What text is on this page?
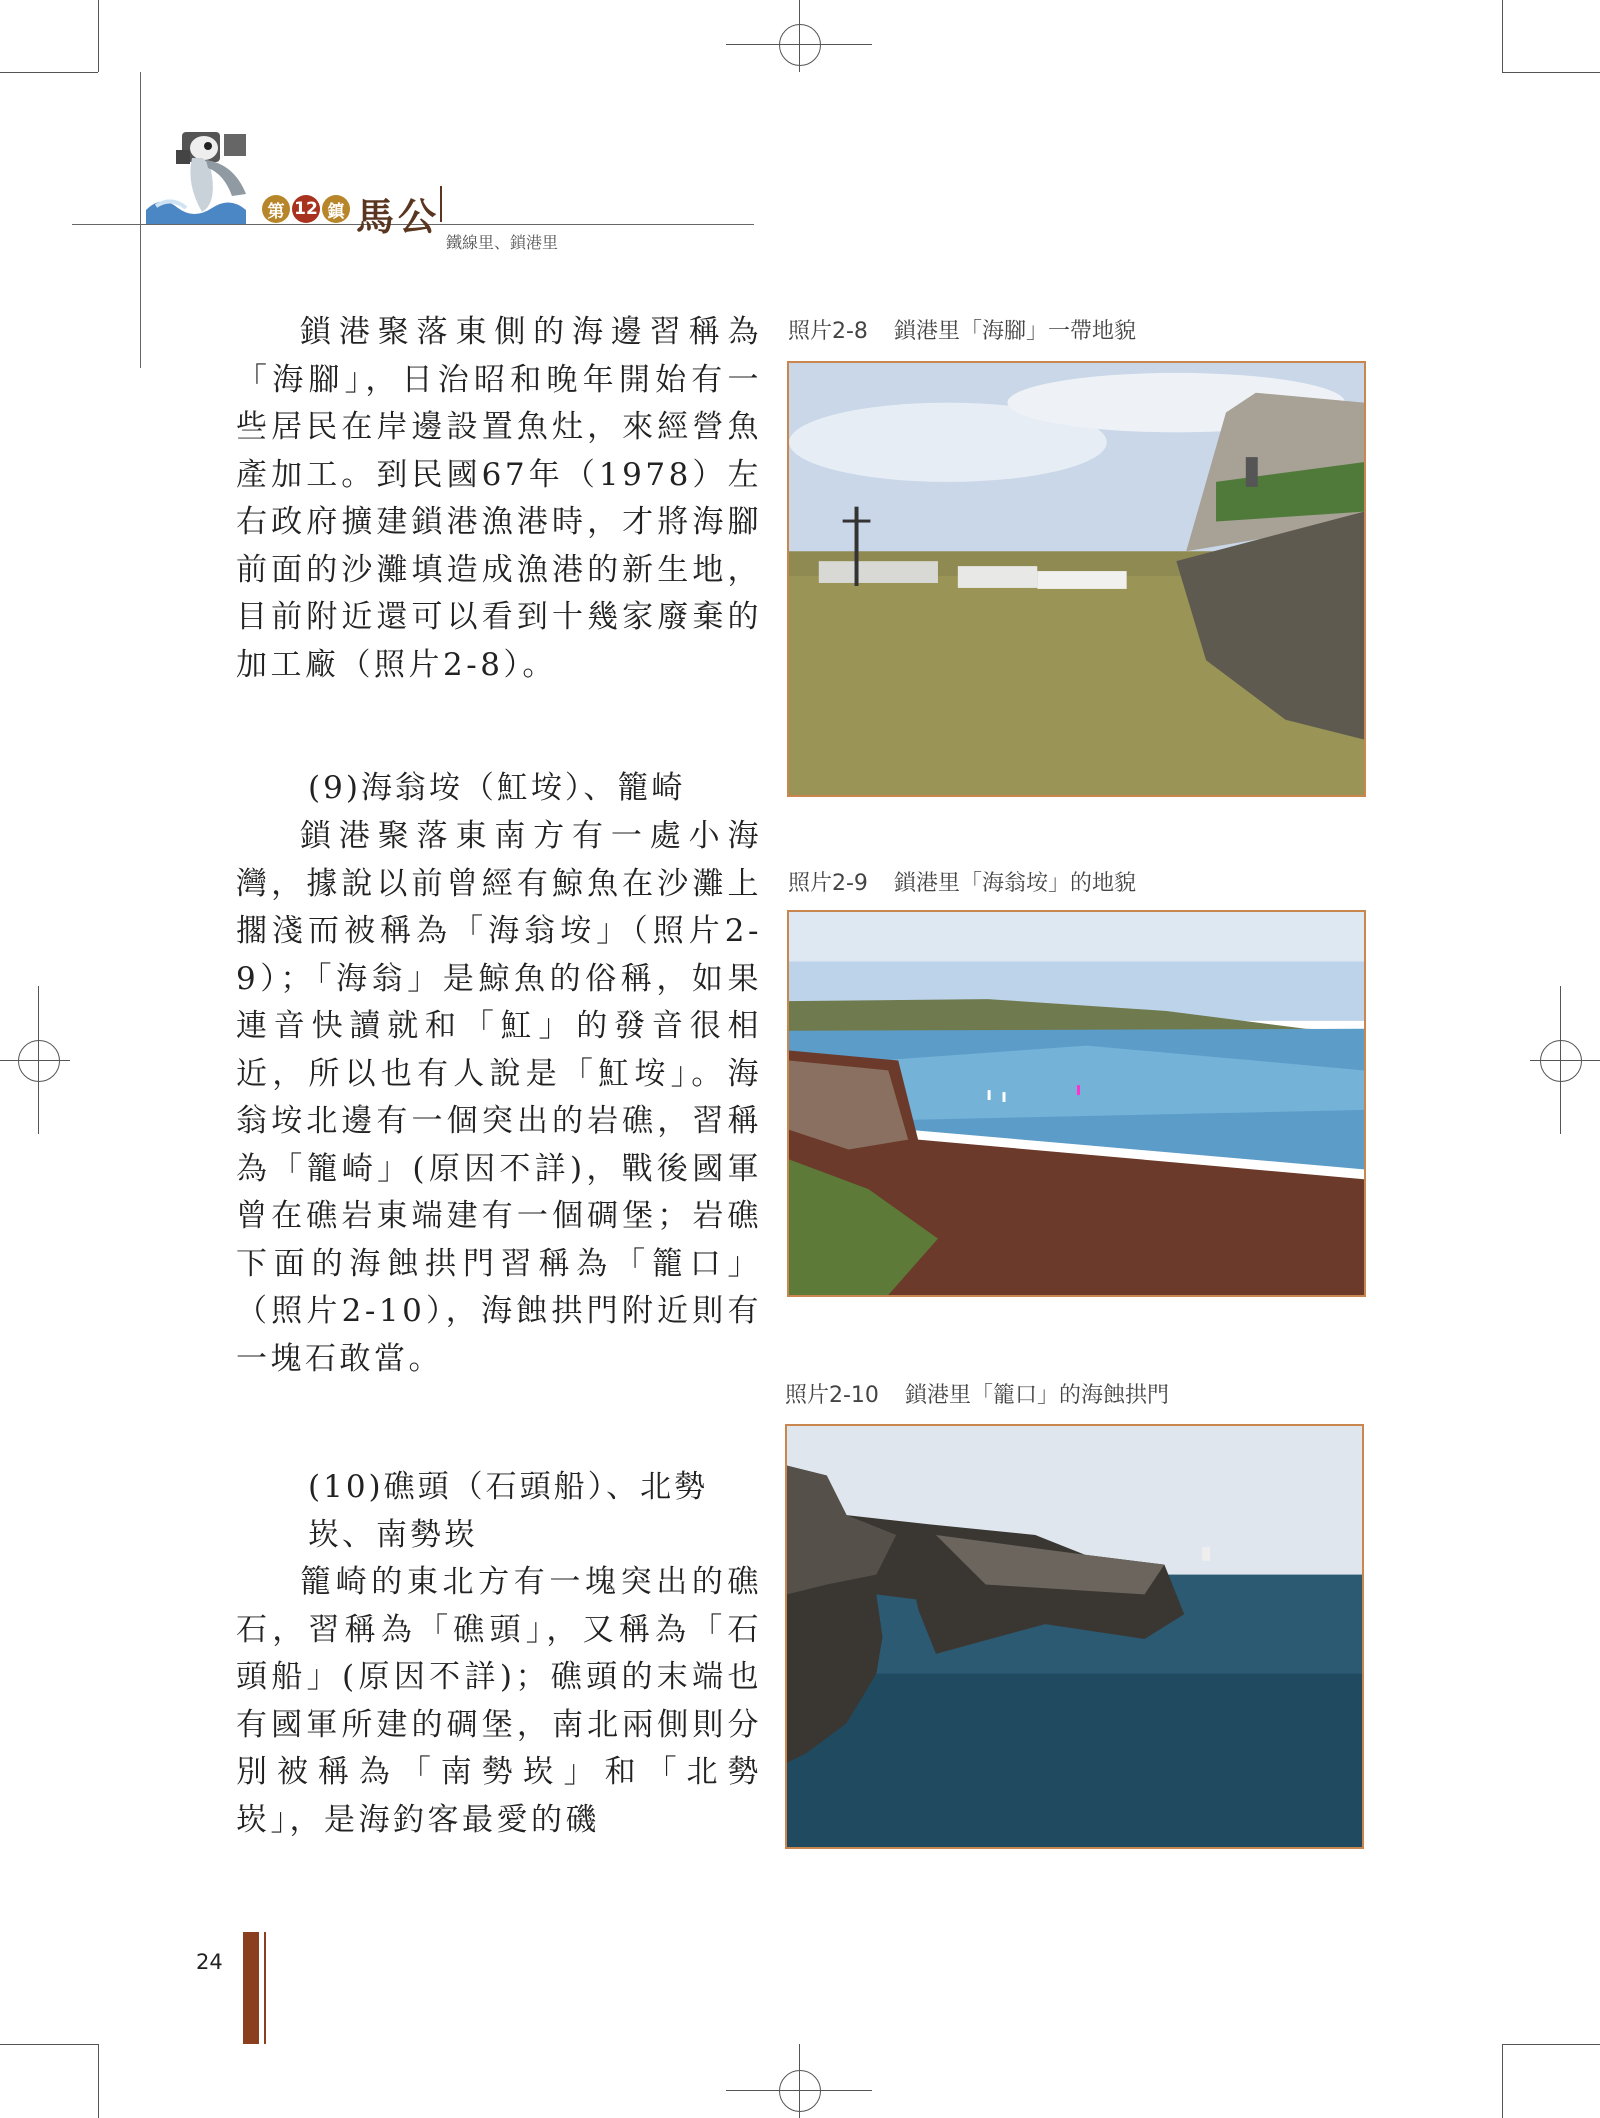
第 12 鎮 馬公
鐵線里、鎖港里

鎖港聚落東側的海邊習稱為「海腳」，日治昭和晚年開始有一些居民在岸邊設置魚灶，來經營魚產加工。到民國67年（1978）左右政府擴建鎖港漁港時，才將海腳前面的沙灘填造成漁港的新生地，目前附近還可以看到十幾家廢棄的加工廠（照片2-8）。

(9)海翁垵（魟垵）、籠崎

鎖港聚落東南方有一處小海灣，據說以前曾經有鯨魚在沙灘上擱淺而被稱為「海翁垵」（照片2-9）；「海翁」是鯨魚的俗稱，如果連音快讀就和「魟」的發音很相近，所以也有人說是「魟垵」。海翁垵北邊有一個突出的岩礁，習稱為「籠崎」(原因不詳)，戰後國軍曾在礁岩東端建有一個碉堡；岩礁下面的海蝕拱門習稱為「籠口」（照片2-10），海蝕拱門附近則有一塊石敢當。

(10)礁頭（石頭船）、北勢崁、南勢崁

籠崎的東北方有一塊突出的礁石，習稱為「礁頭」，又稱為「石頭船」(原因不詳)；礁頭的末端也有國軍所建的碉堡，南北兩側則分別被稱為「南勢崁」和「北勢崁」，是海釣客最愛的磯

照片2-8 鎖港里「海腳」一帶地貌
照片2-9 鎖港里「海翁垵」的地貌
照片2-10 鎖港里「籠口」的海蝕拱門
24
